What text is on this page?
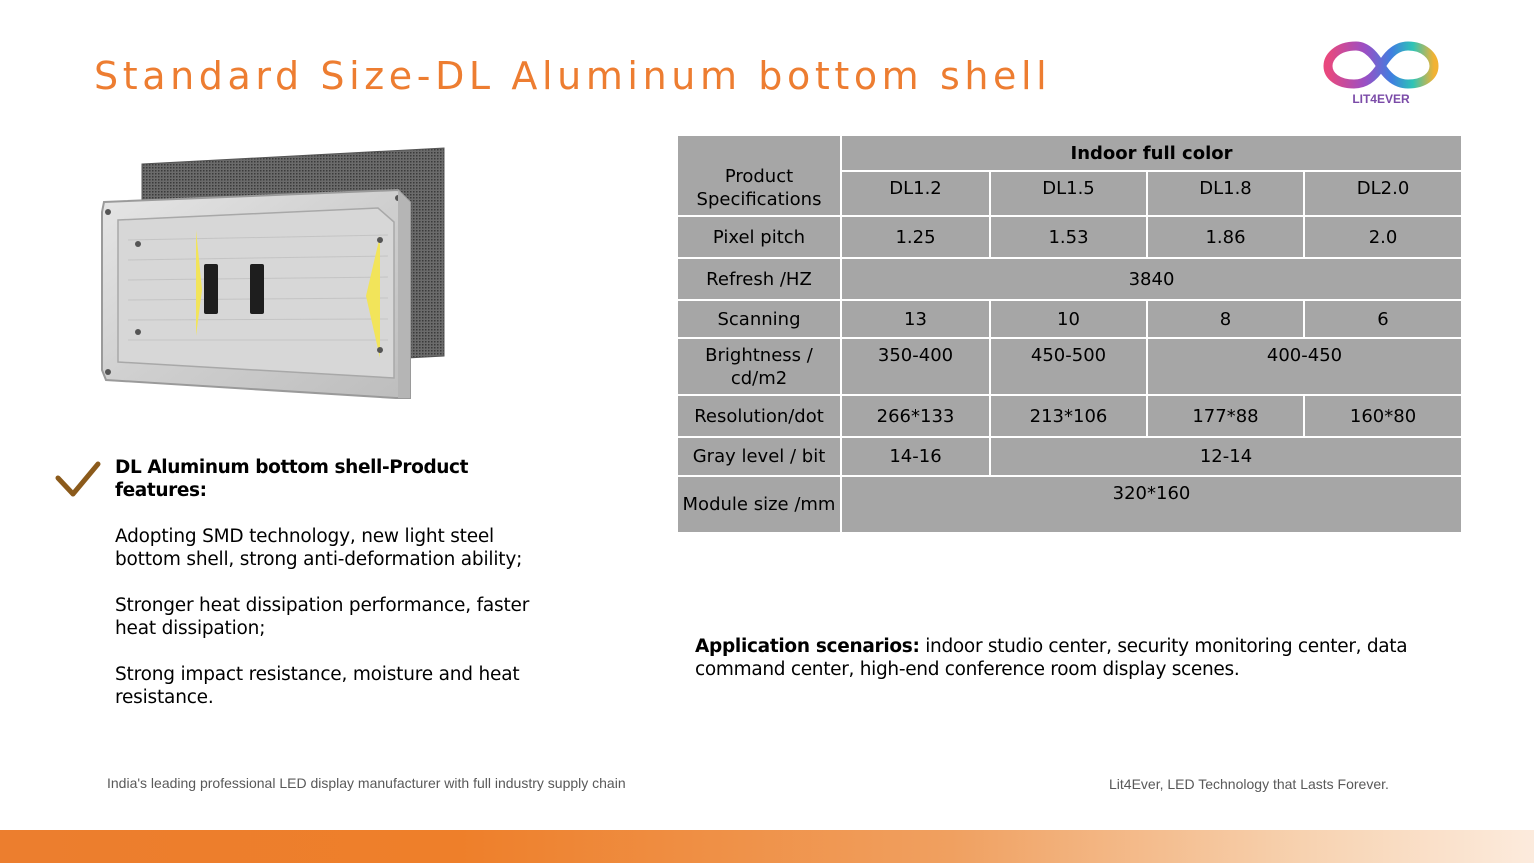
Standard Size-DL Aluminum bottom shell
LIT4EVER
DL Aluminum bottom shell-Product features:

Adopting SMD technology, new light steel bottom shell, strong anti-deformation ability;

Stronger heat dissipation performance, faster heat dissipation;

Strong impact resistance, moisture and heat resistance.

Product Specifications	Indoor full color			
	DL1.2	DL1.5	DL1.8	DL2.0
Pixel pitch	1.25	1.53	1.86	2.0
Refresh /HZ	3840			
Scanning	13	10	8	6
Brightness / cd/m2	350-400	450-500	400-450	
Resolution/dot	266*133	213*106	177*88	160*80
Gray level / bit	14-16	12-14		
Module size /mm	320*160			
Application scenarios: indoor studio center, security monitoring center, data command center, high-end conference room display scenes.
India's leading professional LED display manufacturer with full industry supply chain	Lit4Ever, LED Technology that Lasts Forever.
